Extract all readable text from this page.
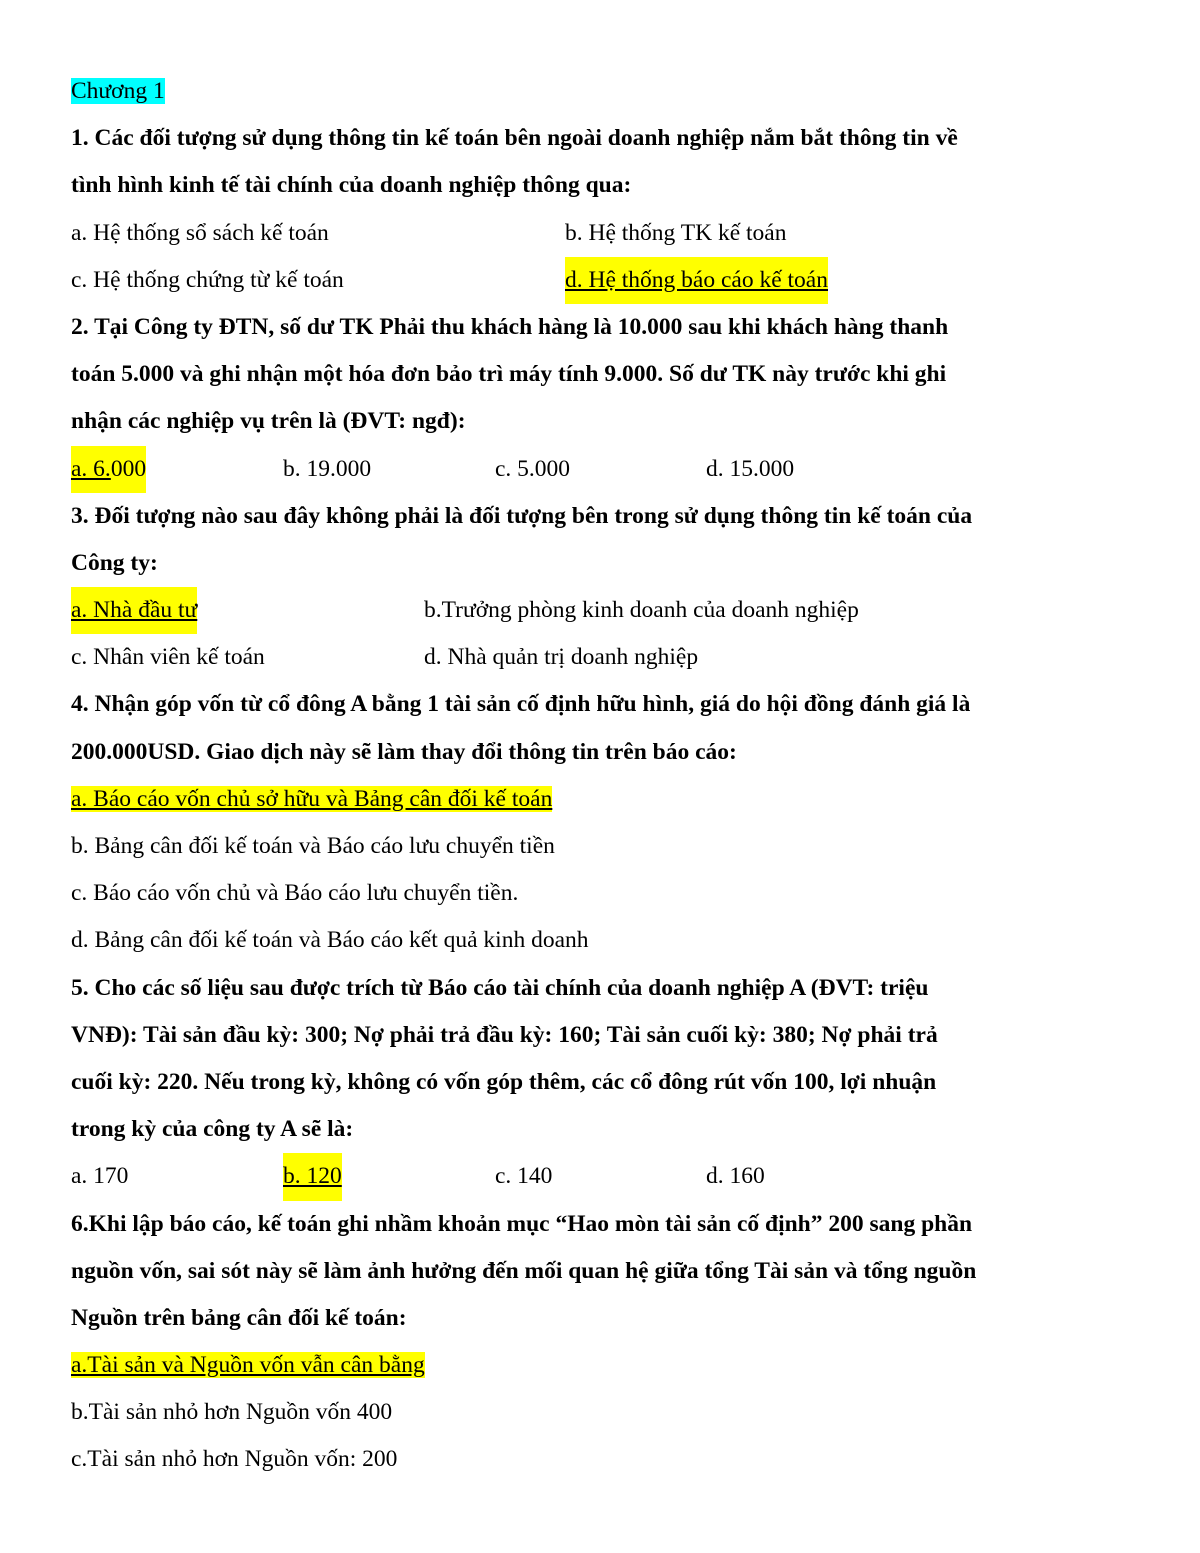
Chương 1
1. Các đối tượng sử dụng thông tin kế toán bên ngoài doanh nghiệp nắm bắt thông tin về
tình hình kinh tế tài chính của doanh nghiệp thông qua:
a. Hệ thống sổ sách kế toán	b. Hệ thống TK kế toán
c. Hệ thống chứng từ kế toán	d. Hệ thống báo cáo kế toán
2. Tại Công ty ĐTN, số dư TK Phải thu khách hàng là 10.000 sau khi khách hàng thanh
toán 5.000 và ghi nhận một hóa đơn bảo trì máy tính 9.000. Số dư TK này trước khi ghi
nhận các nghiệp vụ trên là (ĐVT: ngđ):
a. 6.000	b. 19.000	c. 5.000	d. 15.000
3. Đối tượng nào sau đây không phải là đối tượng bên trong sử dụng thông tin kế toán của
Công ty:
a. Nhà đầu tư	b.Trưởng phòng kinh doanh của doanh nghiệp
c. Nhân viên kế toán	d. Nhà quản trị doanh nghiệp
4. Nhận góp vốn từ cổ đông A bằng 1 tài sản cố định hữu hình, giá do hội đồng đánh giá là
200.000USD. Giao dịch này sẽ làm thay đổi thông tin trên báo cáo:
a. Báo cáo vốn chủ sở hữu và Bảng cân đối kế toán
b. Bảng cân đối kế toán và Báo cáo lưu chuyển tiền
c. Báo cáo vốn chủ và Báo cáo lưu chuyển tiền.
d. Bảng cân đối kế toán và Báo cáo kết quả kinh doanh
5. Cho các số liệu sau được trích từ Báo cáo tài chính của doanh nghiệp A (ĐVT: triệu
VNĐ): Tài sản đầu kỳ: 300; Nợ phải trả đầu kỳ: 160; Tài sản cuối kỳ: 380; Nợ phải trả
cuối kỳ: 220. Nếu trong kỳ, không có vốn góp thêm, các cổ đông rút vốn 100, lợi nhuận
trong kỳ của công ty A sẽ là:
a. 170	b. 120	c. 140	d. 160
6.Khi lập báo cáo, kế toán ghi nhầm khoản mục “Hao mòn tài sản cố định” 200 sang phần
nguồn vốn, sai sót này sẽ làm ảnh hưởng đến mối quan hệ giữa tổng Tài sản và tổng nguồn
Nguồn trên bảng cân đối kế toán:
a.Tài sản và Nguồn vốn vẫn cân bằng
b.Tài sản nhỏ hơn Nguồn vốn 400
c.Tài sản nhỏ hơn Nguồn vốn: 200
